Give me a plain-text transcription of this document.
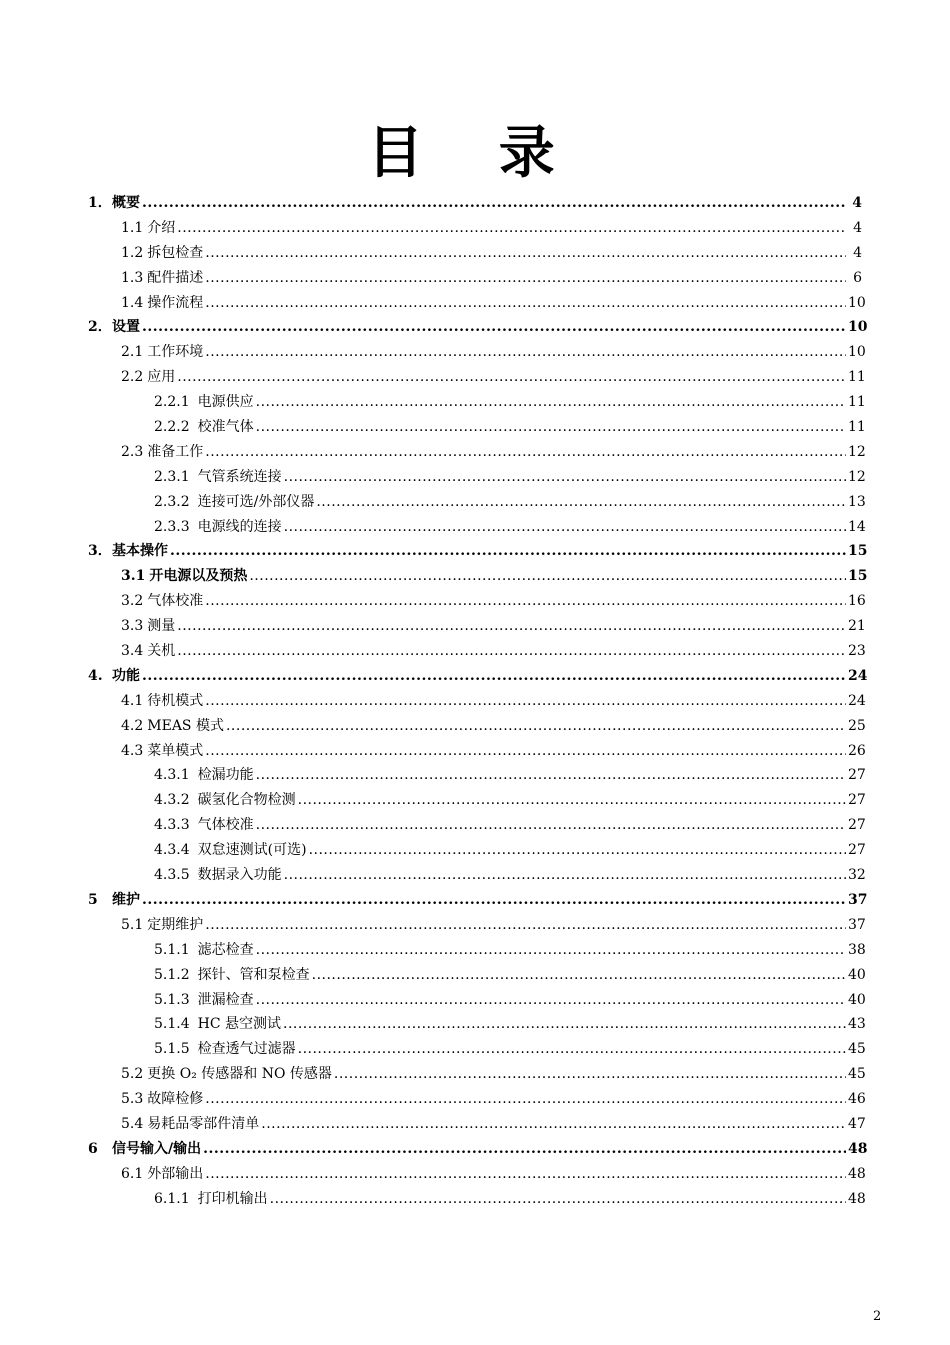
目 录
1． 概要 .....	4
1.1 介绍 .....	4
1.2 拆包检查 .....	4
1.3 配件描述 .....	6
1.4 操作流程 .....	10
2． 设置 .....	10
2.1 工作环境 .....	10
2.2 应用 .....	11
2.2.1 电源供应 .....	11
2.2.2 校准气体 .....	11
2.3 准备工作 .....	12
2.3.1 气管系统连接 .....	12
2.3.2 连接可选/外部仪器 .....	13
2.3.3 电源线的连接 .....	14
3． 基本操作 .....	15
3.1 开电源以及预热 .....	15
3.2 气体校准 .....	16
3.3 测量 .....	21
3.4 关机 .....	23
4. 功能 .....	24
4.1 待机模式 .....	24
4.2 MEAS 模式 .....	25
4.3 菜单模式 .....	26
4.3.1 检漏功能 .....	27
4.3.2 碳氢化合物检测 .....	27
4.3.3 气体校准 .....	27
4.3.4 双怠速测试(可选) .....	27
4.3.5 数据录入功能 .....	32
5	维护 .....	37
5.1 定期维护 .....	37
5.1.1 滤芯检查 .....	38
5.1.2 探针、管和泵检查 .....	40
5.1.3 泄漏检查 .....	40
5.1.4 HC 悬空测试 .....	43
5.1.5 检查透气过滤器 .....	45
5.2 更换 O₂ 传感器和 NO 传感器 .....	45
5.3 故障检修 .....	46
5.4 易耗品零部件清单 .....	47
6	信号输入/输出 .....	48
6.1 外部输出 .....	48
6.1.1 打印机输出 .....	48
2
